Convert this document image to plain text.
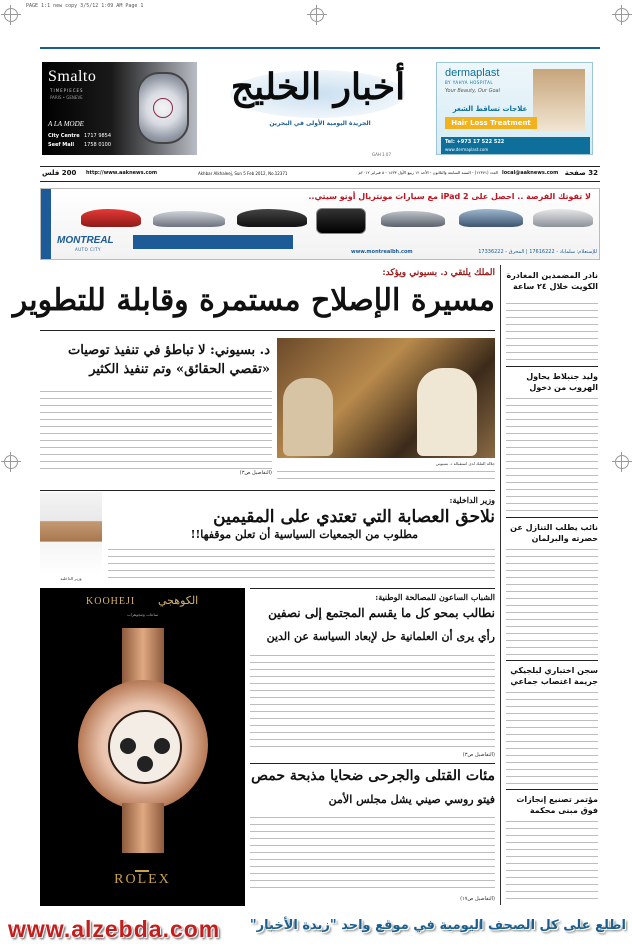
PAGE 1:1 new copy 3/5/12 1:09 AM Page 1
Smalto
TIMEPIECES
PARIS • GENEVE
A LA MODE
City Centre 1717 9854
Seef Mall 1758 0100
أخبار الخليج
الجريدة اليومية الأولى في البحرين
GAH 1 07
dermaplast
BY YAHYA HOSPITAL
Your Beauty, Our Goal
علاجات تساقط الشعر
Hair Loss Treatment
Tel: +973 17 522 522
www.dermaplast.com
200 فلس http://www.aaknews.com	Akhbar Alkhaleej, Sun 5 Feb 2012, No.12371	العدد (١٢٣٧١) - السنة السابعة والثلاثون - الأحد ١٢ ربيع الأول ١٤٣٣ - ٥ فبراير ٢٠١٢م local@aaknews.com 32 صفحة
لا تفوتك الفرصة .. احصل على iPad 2 مع سيارات مونتريال أوتو سيتي..
MONTREAL
AUTO CITY	www.montrealbh.com	للإستعلام: سلماباد - 17616222 | المحرق - 17336222
نادر المضمدين المغادرة الكويت خلال ٢٤ ساعة
وليد جنبلاط يحاول الهروب من دخول
نائب يطلب التنازل عن حصرته والبرلمان
سجن اختباري لبلجيكي جريمة اغتصاب جماعي
مؤتمر تصنيع إنجازات فوق مبنى محكمة
الملك يلتقي د. بسيوني ويؤكد:
مسيرة الإصلاح مستمرة وقابلة للتطوير
د. بسيوني: لا تباطؤ في تنفيذ توصيات
«تقصي الحقائق» وتم تنفيذ الكثير
(التفاصيل ص٣)
جلالة الملك لدى استقباله د. بسيوني
وزير الداخلية
وزير الداخلية:
نلاحق العصابة التي تعتدي على المقيمين
مطلوب من الجمعيات السياسية أن تعلن موقفها!!
KOOHEJI الكوهجي
ساعات ومجوهرات
ROLEX
الشباب الساعون للمصالحة الوطنية:
نطالب بمحو كل ما يقسم المجتمع إلى نصفين
رأي يرى أن العلمانية حل لإبعاد السياسة عن الدين
(التفاصيل ص٣)
مئات القتلى والجرحى ضحايا مذبحة حمص
فيتو روسي صيني يشل مجلس الأمن
(التفاصيل ص١٧)
www.alzebda.com اطلع على كل الصحف اليومية في موقع واحد "زبدة الأخبار"
